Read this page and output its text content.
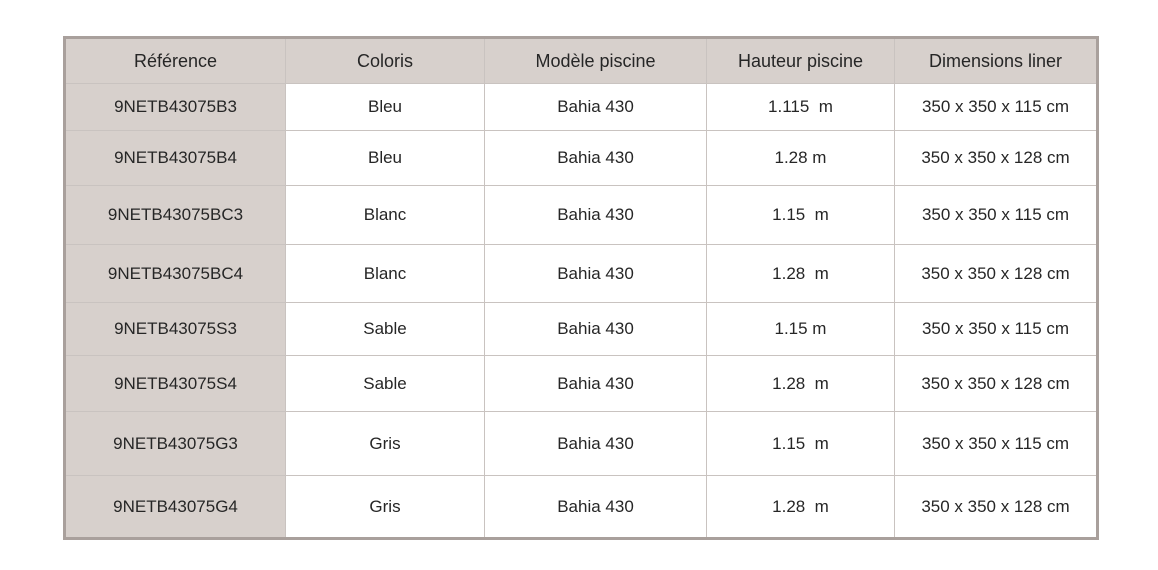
Référence	Coloris	Modèle piscine	Hauteur piscine	Dimensions liner
9NETB43075B3	Bleu	Bahia 430	1.115  m	350 x 350 x 115 cm
9NETB43075B4	Bleu	Bahia 430	1.28 m	350 x 350 x 128 cm
9NETB43075BC3	Blanc	Bahia 430	1.15  m	350 x 350 x 115 cm
9NETB43075BC4	Blanc	Bahia 430	1.28  m	350 x 350 x 128 cm
9NETB43075S3	Sable	Bahia 430	1.15 m	350 x 350 x 115 cm
9NETB43075S4	Sable	Bahia 430	1.28  m	350 x 350 x 128 cm
9NETB43075G3	Gris	Bahia 430	1.15  m	350 x 350 x 115 cm
9NETB43075G4	Gris	Bahia 430	1.28  m	350 x 350 x 128 cm
